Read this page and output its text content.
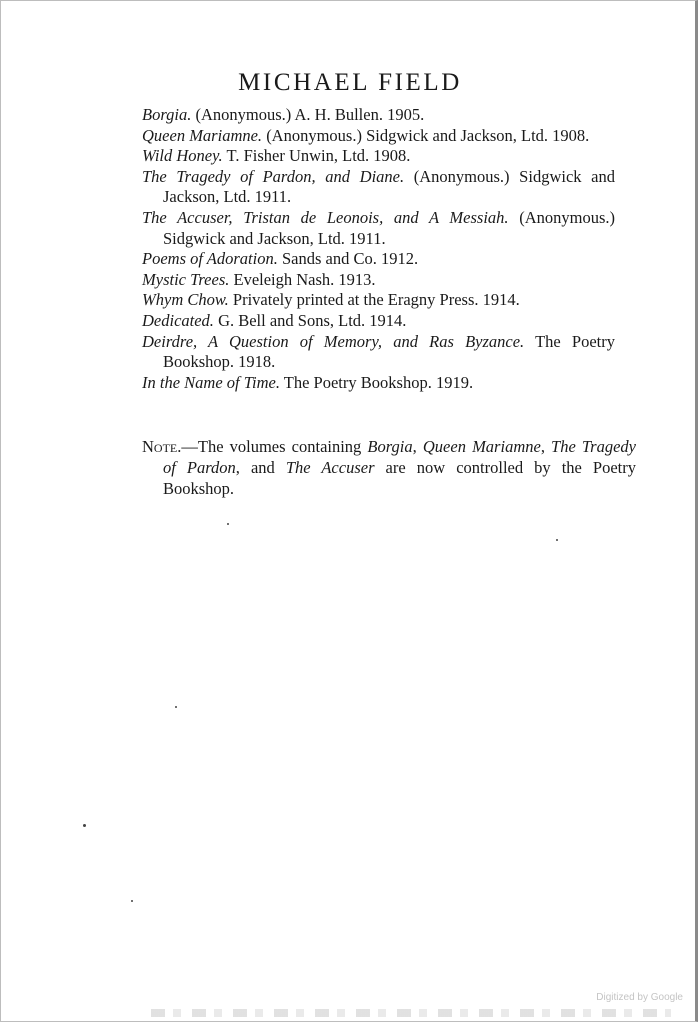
MICHAEL FIELD
Borgia. (Anonymous.) A. H. Bullen. 1905.
Queen Mariamne. (Anonymous.) Sidgwick and Jackson, Ltd. 1908.
Wild Honey. T. Fisher Unwin, Ltd. 1908.
The Tragedy of Pardon, and Diane. (Anonymous.) Sidgwick and Jackson, Ltd. 1911.
The Accuser, Tristan de Leonois, and A Messiah. (Anonymous.) Sidgwick and Jackson, Ltd. 1911.
Poems of Adoration. Sands and Co. 1912.
Mystic Trees. Eveleigh Nash. 1913.
Whym Chow. Privately printed at the Eragny Press. 1914.
Dedicated. G. Bell and Sons, Ltd. 1914.
Deirdre, A Question of Memory, and Ras Byzance. The Poetry Bookshop. 1918.
In the Name of Time. The Poetry Bookshop. 1919.

Note.—The volumes containing Borgia, Queen Mariamne, The Tragedy of Pardon, and The Accuser are now controlled by the Poetry Bookshop.

Digitized by Google
